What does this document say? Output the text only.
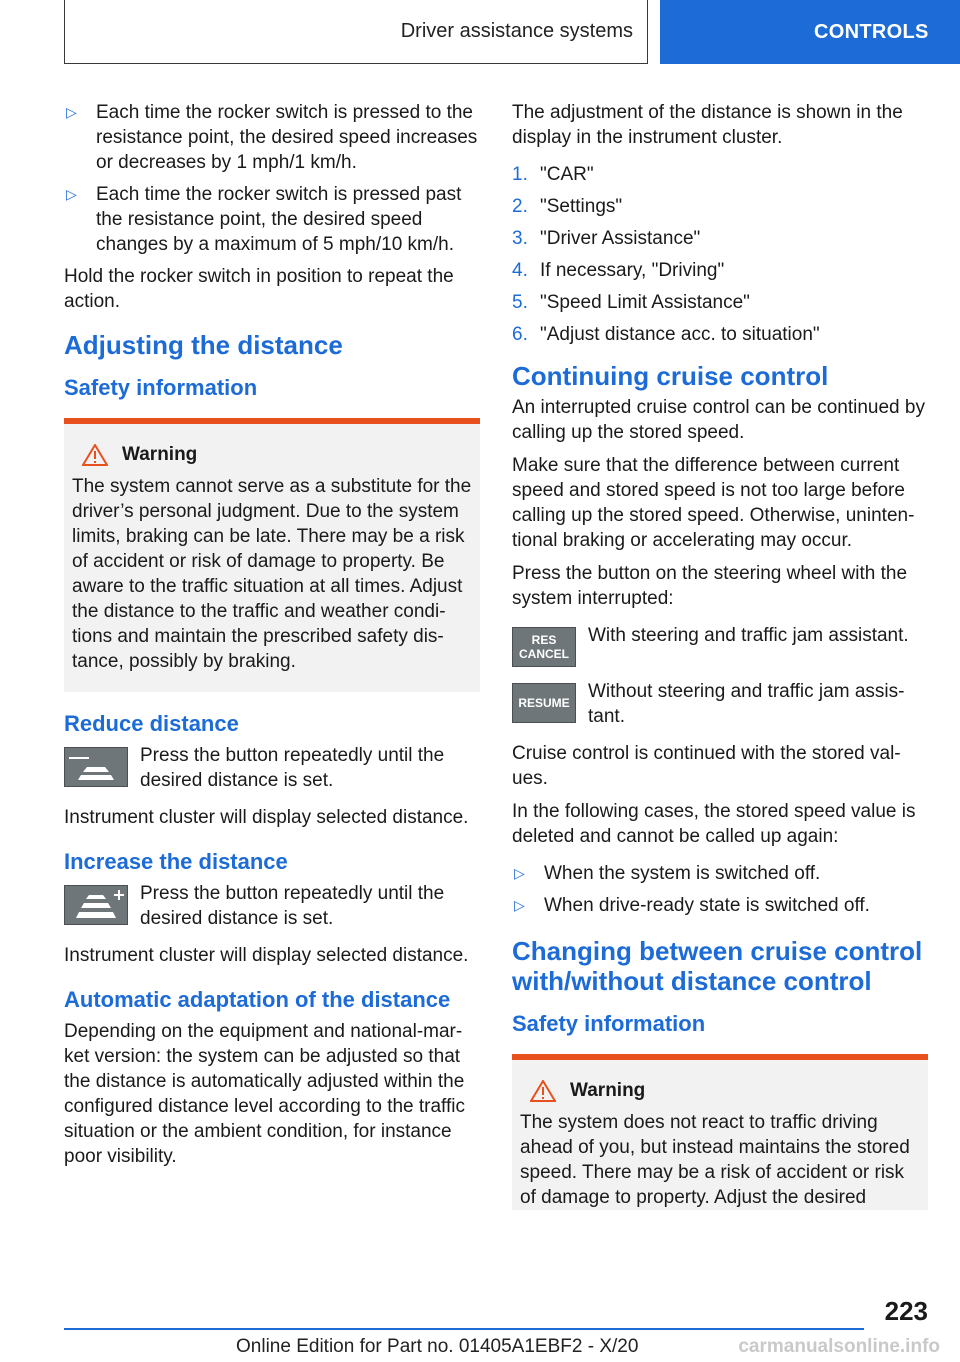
Driver assistance systems	CONTROLS
▷	Each time the rocker switch is pressed to the resistance point, the desired speed increases or decreases by 1 mph/1 km/h.
▷	Each time the rocker switch is pressed past the resistance point, the desired speed changes by a maximum of 5 mph/10 km/h.

Hold the rocker switch in position to repeat the action.

Adjusting the distance
Safety information
Warning

The system cannot serve as a substitute for the driver’s personal judgment. Due to the system limits, braking can be late. There may be a risk of accident or risk of damage to property. Be aware to the traffic situation at all times. Adjust the distance to the traffic and weather condi‐tions and maintain the prescribed safety dis‐tance, possibly by braking.

Reduce distance
Press the button repeatedly until the desired distance is set.

Instrument cluster will display selected distance.

Increase the distance
Press the button repeatedly until the desired distance is set.

Instrument cluster will display selected distance.

Automatic adaptation of the distance

Depending on the equipment and national-mar‐ket version: the system can be adjusted so that the distance is automatically adjusted within the configured distance level according to the traffic situation or the ambient condition, for instance poor visibility.

The adjustment of the distance is shown in the display in the instrument cluster.

1. "CAR"
2. "Settings"
3. "Driver Assistance"
4. If necessary, "Driving"
5. "Speed Limit Assistance"
6. "Adjust distance acc. to situation"
Continuing cruise control

An interrupted cruise control can be continued by calling up the stored speed.

Make sure that the difference between current speed and stored speed is not too large before calling up the stored speed. Otherwise, uninten‐tional braking or accelerating may occur.

Press the button on the steering wheel with the system interrupted:

RES
CANCEL
With steering and traffic jam assistant.
RESUME
Without steering and traffic jam assis‐tant.

Cruise control is continued with the stored val‐ues.

In the following cases, the stored speed value is deleted and cannot be called up again:

▷	When the system is switched off.
▷	When drive-ready state is switched off.
Changing between cruise control with/without distance control
Safety information
Warning

The system does not react to traffic driving ahead of you, but instead maintains the stored speed. There may be a risk of accident or risk of damage to property. Adjust the desired

223
Online Edition for Part no. 01405A1EBF2 - X/20	carmanualsonline.info
